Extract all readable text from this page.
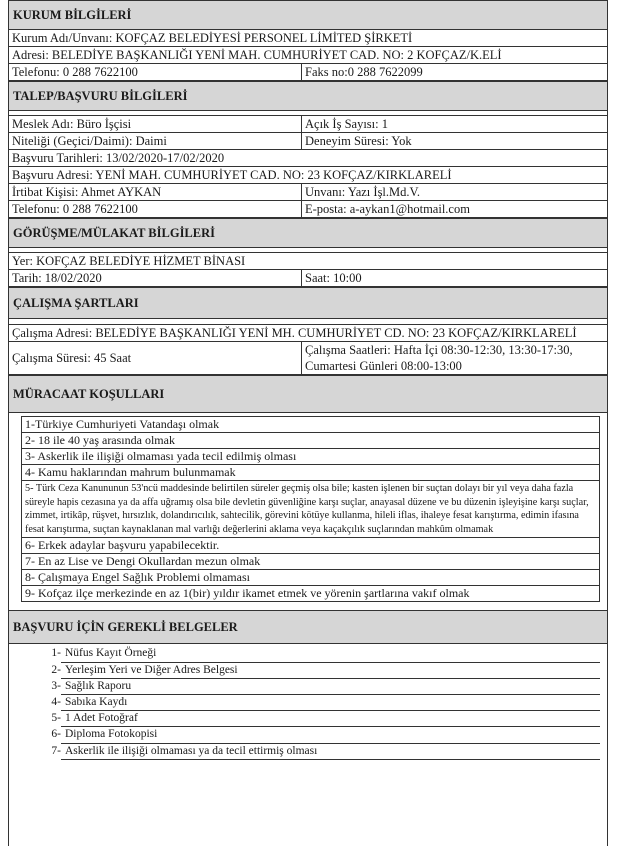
KURUM BİLGİLERİ
Kurum Adı/Unvanı: KOFÇAZ BELEDİYESİ PERSONEL LİMİTED ŞİRKETİ
Adresi: BELEDİYE BAŞKANLIĞI YENİ MAH. CUMHURİYET CAD. NO: 2 KOFÇAZ/K.ELİ
Telefonu: 0 288 7622100	Faks no:0 288 7622099
TALEP/BAŞVURU BİLGİLERİ
Meslek Adı: Büro İşçisi	Açık İş Sayısı: 1
Niteliği (Geçici/Daimi): Daimi	Deneyim Süresi: Yok
Başvuru Tarihleri: 13/02/2020-17/02/2020
Başvuru Adresi: YENİ MAH. CUMHURİYET CAD. NO: 23 KOFÇAZ/KIRKLARELİ
İrtibat Kişisi: Ahmet AYKAN	Unvanı: Yazı İşl.Md.V.
Telefonu: 0 288 7622100	E-posta: a-aykan1@hotmail.com
GÖRÜŞME/MÜLAKAT BİLGİLERİ
Yer: KOFÇAZ BELEDİYE HİZMET BİNASI
Tarih: 18/02/2020	Saat: 10:00
ÇALIŞMA ŞARTLARI
Çalışma Adresi: BELEDİYE BAŞKANLIĞI YENİ MH. CUMHURİYET CD. NO: 23 KOFÇAZ/KIRKLARELİ
Çalışma Süresi: 45 Saat
Çalışma Saatleri: Hafta İçi 08:30-12:30, 13:30-17:30, Cumartesi Günleri 08:00-13:00
MÜRACAAT KOŞULLARI
1-Türkiye Cumhuriyeti Vatandaşı olmak
2- 18 ile 40 yaş arasında olmak
3- Askerlik ile ilişiği olmaması yada tecil edilmiş olması
4- Kamu haklarından mahrum bulunmamak
5- Türk Ceza Kanununun 53'ncü maddesinde belirtilen süreler geçmiş olsa bile; kasten işlenen bir suçtan dolayı bir yıl veya daha fazla süreyle hapis cezasına ya da affa uğramış olsa bile devletin güvenliğine karşı suçlar, anayasal düzene ve bu düzenin işleyişine karşı suçlar, zimmet, irtikâp, rüşvet, hırsızlık, dolandırıcılık, sahtecilik, görevini kötüye kullanma, hileli iflas, ihaleye fesat karıştırma, edimin ifasına fesat karıştırma, suçtan kaynaklanan mal varlığı değerlerini aklama veya kaçakçılık suçlarından mahkûm olmamak
6- Erkek adaylar başvuru yapabilecektir.
7- En az Lise ve Dengi Okullardan mezun olmak
8- Çalışmaya Engel Sağlık Problemi olmaması
9- Kofçaz ilçe merkezinde en az 1(bir) yıldır ikamet etmek ve yörenin şartlarına vakıf olmak
BAŞVURU İÇİN GEREKLİ BELGELER
1- Nüfus Kayıt Örneği
2- Yerleşim Yeri ve Diğer Adres Belgesi
3- Sağlık Raporu
4- Sabıka Kaydı
5- 1 Adet Fotoğraf
6- Diploma Fotokopisi
7- Askerlik ile ilişiği olmaması ya da tecil ettirmiş olması
